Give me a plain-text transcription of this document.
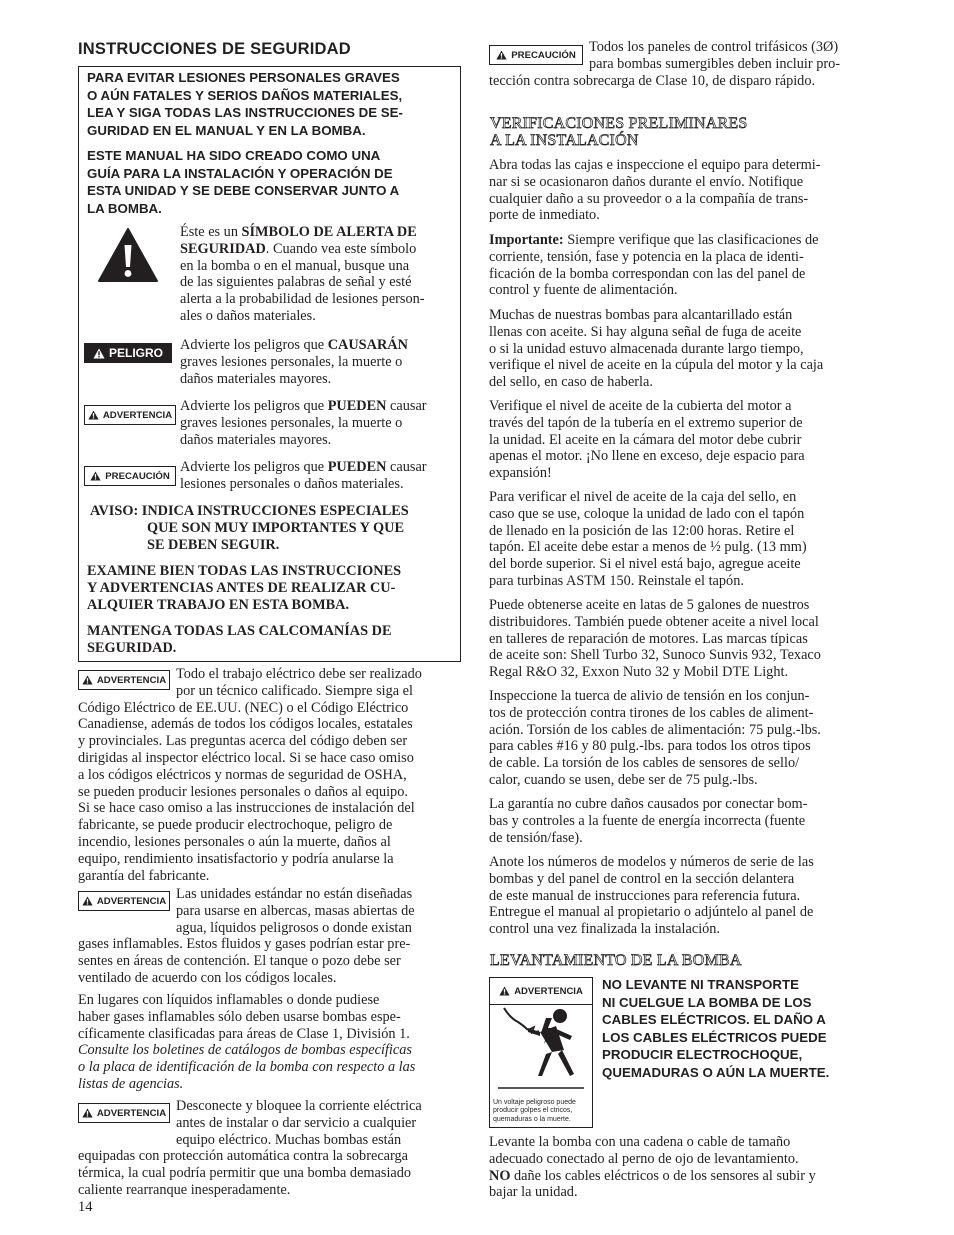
INSTRUCCIONES DE SEGURIDAD
PARA EVITAR LESIONES PERSONALES GRAVES
O AÚN FATALES Y SERIOS DAÑOS MATERIALES,
LEA Y SIGA TODAS LAS INSTRUCCIONES DE SE-
GURIDAD EN EL MANUAL Y EN LA BOMBA.
ESTE MANUAL HA SIDO CREADO COMO UNA
GUÍA PARA LA INSTALACIÓN Y OPERACIÓN DE
ESTA UNIDAD Y SE DEBE CONSERVAR JUNTO A
LA BOMBA.
Éste es un SÍMBOLO DE ALERTA DE
SEGURIDAD. Cuando vea este símbolo
en la bomba o en el manual, busque una
de las siguientes palabras de señal y esté
alerta a la probabilidad de lesiones person-
ales o daños materiales.
PELIGRO Advierte los peligros que CAUSARÁN
graves lesiones personales, la muerte o
daños materiales mayores.
ADVERTENCIA
Advierte los peligros que PUEDEN causar
graves lesiones personales, la muerte o
daños materiales mayores.
PRECAUCIÓN
Advierte los peligros que PUEDEN causar
lesiones personales o daños materiales.
AVISO: INDICA INSTRUCCIONES ESPECIALES
QUE SON MUY IMPORTANTES Y QUE
SE DEBEN SEGUIR.
EXAMINE BIEN TODAS LAS INSTRUCCIONES
Y ADVERTENCIAS ANTES DE REALIZAR CU-
ALQUIER TRABAJO EN ESTA BOMBA.
MANTENGA TODAS LAS CALCOMANÍAS DE
SEGURIDAD.
ADVERTENCIA Todo el trabajo eléctrico debe ser realizado
por un técnico calificado. Siempre siga el
Código Eléctrico de EE.UU. (NEC) o el Código Eléctrico
Canadiense, además de todos los códigos locales, estatales
y provinciales. Las preguntas acerca del código deben ser
dirigidas al inspector eléctrico local. Si se hace caso omiso
a los códigos eléctricos y normas de seguridad de OSHA,
se pueden producir lesiones personales o daños al equipo.
Si se hace caso omiso a las instrucciones de instalación del
fabricante, se puede producir electrochoque, peligro de
incendio, lesiones personales o aún la muerte, daños al
equipo, rendimiento insatisfactorio y podría anularse la
garantía del fabricante.
ADVERTENCIA Las unidades estándar no están diseñadas
para usarse en albercas, masas abiertas de
agua, líquidos peligrosos o donde existan
gases inflamables. Estos fluidos y gases podrían estar pre-
sentes en áreas de contención. El tanque o pozo debe ser
ventilado de acuerdo con los códigos locales.
En lugares con líquidos inflamables o donde pudiese
haber gases inflamables sólo deben usarse bombas espe-
cíficamente clasificadas para áreas de Clase 1, División 1.
Consulte los boletines de catálogos de bombas específicas
o la placa de identificación de la bomba con respecto a las
listas de agencias.
ADVERTENCIA Desconecte y bloquee la corriente eléctrica
antes de instalar o dar servicio a cualquier
equipo eléctrico. Muchas bombas están
equipadas con protección automática contra la sobrecarga
térmica, la cual podría permitir que una bomba demasiado
caliente rearranque inesperadamente.
14
PRECAUCIÓN Todos los paneles de control trifásicos (3Ø)
para bombas sumergibles deben incluir pro-
tección contra sobrecarga de Clase 10, de disparo rápido.
VERIFICACIONES PRELIMINARES
A LA INSTALACIÓN
Abra todas las cajas e inspeccione el equipo para determi-
nar si se ocasionaron daños durante el envío. Notifique
cualquier daño a su proveedor o a la compañía de trans-
porte de inmediato.
Importante: Siempre verifique que las clasificaciones de
corriente, tensión, fase y potencia en la placa de identi-
ficación de la bomba correspondan con las del panel de
control y fuente de alimentación.
Muchas de nuestras bombas para alcantarillado están
llenas con aceite. Si hay alguna señal de fuga de aceite
o si la unidad estuvo almacenada durante largo tiempo,
verifique el nivel de aceite en la cúpula del motor y la caja
del sello, en caso de haberla.
Verifique el nivel de aceite de la cubierta del motor a
través del tapón de la tubería en el extremo superior de
la unidad. El aceite en la cámara del motor debe cubrir
apenas el motor. ¡No llene en exceso, deje espacio para
expansión!
Para verificar el nivel de aceite de la caja del sello, en
caso que se use, coloque la unidad de lado con el tapón
de llenado en la posición de las 12:00 horas. Retire el
tapón. El aceite debe estar a menos de ½ pulg. (13 mm)
del borde superior. Si el nivel está bajo, agregue aceite
para turbinas ASTM 150. Reinstale el tapón.
Puede obtenerse aceite en latas de 5 galones de nuestros
distribuidores. También puede obtener aceite a nivel local
en talleres de reparación de motores. Las marcas típicas
de aceite son: Shell Turbo 32, Sunoco Sunvis 932, Texaco
Regal R&O 32, Exxon Nuto 32 y Mobil DTE Light.
Inspeccione la tuerca de alivio de tensión en los conjun-
tos de protección contra tirones de los cables de aliment-
ación. Torsión de los cables de alimentación: 75 pulg.-lbs.
para cables #16 y 80 pulg.-lbs. para todos los otros tipos
de cable. La torsión de los cables de sensores de sello/
calor, cuando se usen, debe ser de 75 pulg.-lbs.
La garantía no cubre daños causados por conectar bom-
bas y controles a la fuente de energía incorrecta (fuente
de tensión/fase).
Anote los números de modelos y números de serie de las
bombas y del panel de control en la sección delantera
de este manual de instrucciones para referencia futura.
Entregue el manual al propietario o adjúntelo al panel de
control una vez finalizada la instalación.
LEVANTAMIENTO DE LA BOMBA
ADVERTENCIA
Un voltaje peligroso puede producir golpes el ctricos, quemaduras o la muerte.
NO LEVANTE NI TRANSPORTE
NI CUELGUE LA BOMBA DE LOS
CABLES ELÉCTRICOS. EL DAÑO A
LOS CABLES ELÉCTRICOS PUEDE
PRODUCIR ELECTROCHOQUE,
QUEMADURAS O AÚN LA MUERTE.
Levante la bomba con una cadena o cable de tamaño
adecuado conectado al perno de ojo de levantamiento.
NO dañe los cables eléctricos o de los sensores al subir y
bajar la unidad.
